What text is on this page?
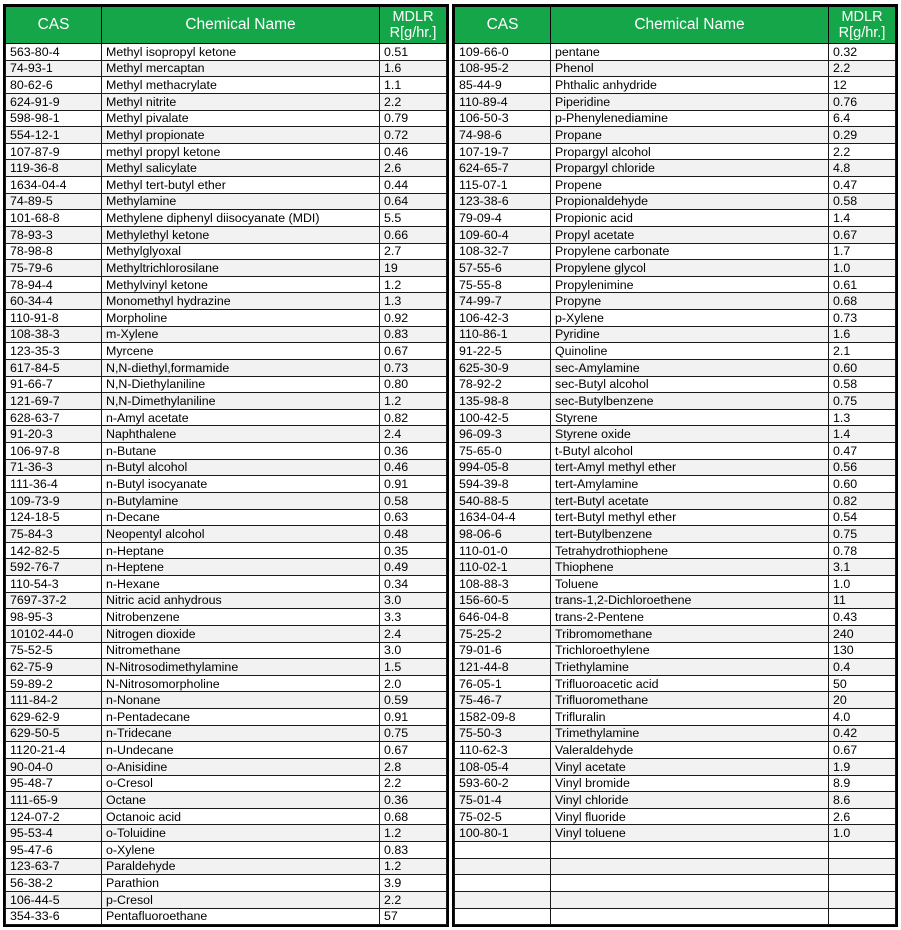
CAS	Chemical Name	MDLR
R[g/hr.]
563-80-4	Methyl isopropyl ketone	0.51
74-93-1	Methyl mercaptan	1.6
80-62-6	Methyl methacrylate	1.1
624-91-9	Methyl nitrite	2.2
598-98-1	Methyl pivalate	0.79
554-12-1	Methyl propionate	0.72
107-87-9	methyl propyl ketone	0.46
119-36-8	Methyl salicylate	2.6
1634-04-4	Methyl tert-butyl ether	0.44
74-89-5	Methylamine	0.64
101-68-8	Methylene diphenyl diisocyanate (MDI)	5.5
78-93-3	Methylethyl ketone	0.66
78-98-8	Methylglyoxal	2.7
75-79-6	Methyltrichlorosilane	19
78-94-4	Methylvinyl ketone	1.2
60-34-4	Monomethyl hydrazine	1.3
110-91-8	Morpholine	0.92
108-38-3	m-Xylene	0.83
123-35-3	Myrcene	0.67
617-84-5	N,N-diethyl,formamide	0.73
91-66-7	N,N-Diethylaniline	0.80
121-69-7	N,N-Dimethylaniline	1.2
628-63-7	n-Amyl acetate	0.82
91-20-3	Naphthalene	2.4
106-97-8	n-Butane	0.36
71-36-3	n-Butyl alcohol	0.46
111-36-4	n-Butyl isocyanate	0.91
109-73-9	n-Butylamine	0.58
124-18-5	n-Decane	0.63
75-84-3	Neopentyl alcohol	0.48
142-82-5	n-Heptane	0.35
592-76-7	n-Heptene	0.49
110-54-3	n-Hexane	0.34
7697-37-2	Nitric acid anhydrous	3.0
98-95-3	Nitrobenzene	3.3
10102-44-0	Nitrogen dioxide	2.4
75-52-5	Nitromethane	3.0
62-75-9	N-Nitrosodimethylamine	1.5
59-89-2	N-Nitrosomorpholine	2.0
111-84-2	n-Nonane	0.59
629-62-9	n-Pentadecane	0.91
629-50-5	n-Tridecane	0.75
1120-21-4	n-Undecane	0.67
90-04-0	o-Anisidine	2.8
95-48-7	o-Cresol	2.2
111-65-9	Octane	0.36
124-07-2	Octanoic acid	0.68
95-53-4	o-Toluidine	1.2
95-47-6	o-Xylene	0.83
123-63-7	Paraldehyde	1.2
56-38-2	Parathion	3.9
106-44-5	p-Cresol	2.2
354-33-6	Pentafluoroethane	57
CAS	Chemical Name	MDLR
R[g/hr.]
109-66-0	pentane	0.32
108-95-2	Phenol	2.2
85-44-9	Phthalic anhydride	12
110-89-4	Piperidine	0.76
106-50-3	p-Phenylenediamine	6.4
74-98-6	Propane	0.29
107-19-7	Propargyl alcohol	2.2
624-65-7	Propargyl chloride	4.8
115-07-1	Propene	0.47
123-38-6	Propionaldehyde	0.58
79-09-4	Propionic acid	1.4
109-60-4	Propyl acetate	0.67
108-32-7	Propylene carbonate	1.7
57-55-6	Propylene glycol	1.0
75-55-8	Propylenimine	0.61
74-99-7	Propyne	0.68
106-42-3	p-Xylene	0.73
110-86-1	Pyridine	1.6
91-22-5	Quinoline	2.1
625-30-9	sec-Amylamine	0.60
78-92-2	sec-Butyl alcohol	0.58
135-98-8	sec-Butylbenzene	0.75
100-42-5	Styrene	1.3
96-09-3	Styrene oxide	1.4
75-65-0	t-Butyl alcohol	0.47
994-05-8	tert-Amyl methyl ether	0.56
594-39-8	tert-Amylamine	0.60
540-88-5	tert-Butyl acetate	0.82
1634-04-4	tert-Butyl methyl ether	0.54
98-06-6	tert-Butylbenzene	0.75
110-01-0	Tetrahydrothiophene	0.78
110-02-1	Thiophene	3.1
108-88-3	Toluene	1.0
156-60-5	trans-1,2-Dichloroethene	11
646-04-8	trans-2-Pentene	0.43
75-25-2	Tribromomethane	240
79-01-6	Trichloroethylene	130
121-44-8	Triethylamine	0.4
76-05-1	Trifluoroacetic acid	50
75-46-7	Trifluoromethane	20
1582-09-8	Trifluralin	4.0
75-50-3	Trimethylamine	0.42
110-62-3	Valeraldehyde	0.67
108-05-4	Vinyl acetate	1.9
593-60-2	Vinyl bromide	8.9
75-01-4	Vinyl chloride	8.6
75-02-5	Vinyl fluoride	2.6
100-80-1	Vinyl toluene	1.0
